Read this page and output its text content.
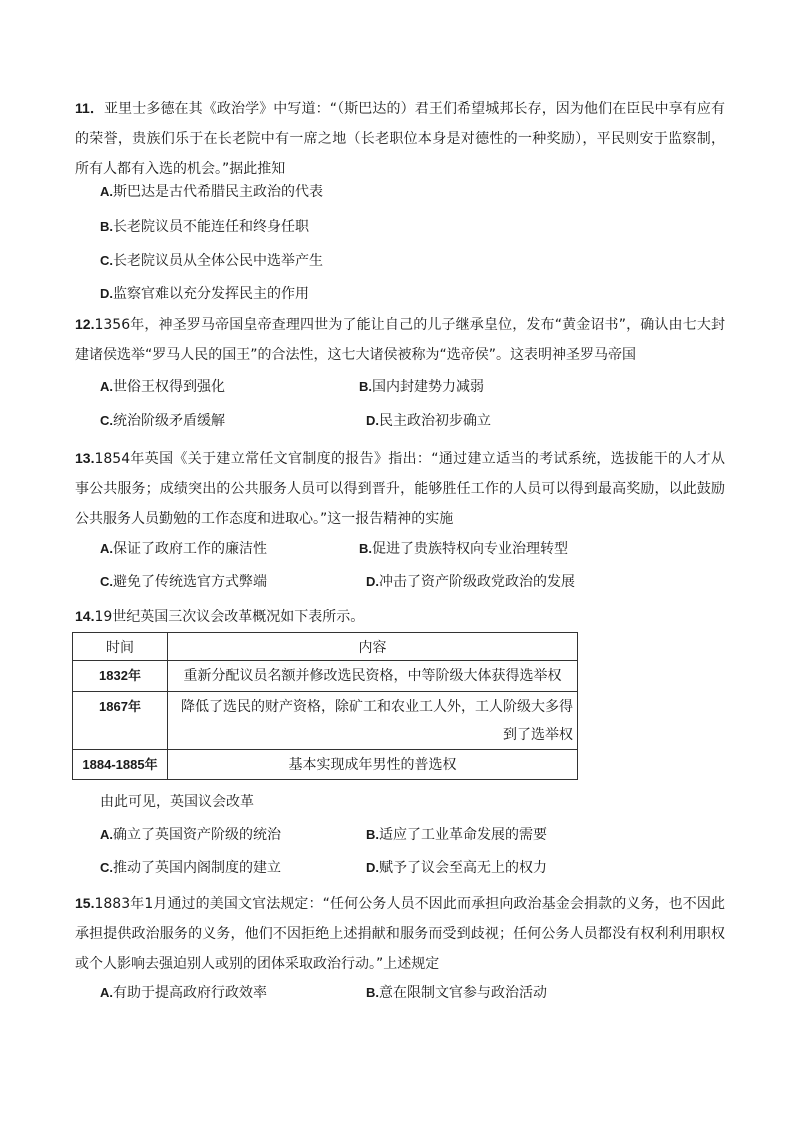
11．亚里士多德在其《政治学》中写道：“（斯巴达的）君王们希望城邦长存，因为他们在臣民中享有应有的荣誉，贵族们乐于在长老院中有一席之地（长老职位本身是对德性的一种奖励），平民则安于监察制，所有人都有入选的机会。”据此推知

A.斯巴达是古代希腊民主政治的代表
B.长老院议员不能连任和终身任职
C.长老院议员从全体公民中选举产生
D.监察官难以充分发挥民主的作用

12.1356年，神圣罗马帝国皇帝查理四世为了能让自己的儿子继承皇位，发布“黄金诏书”，确认由七大封建诸侯选举“罗马人民的国王”的合法性，这七大诸侯被称为“选帝侯”。这表明神圣罗马帝国

A.世俗王权得到强化	B.国内封建势力减弱
C.统治阶级矛盾缓解	D.民主政治初步确立

13.1854年英国《关于建立常任文官制度的报告》指出：“通过建立适当的考试系统，选拔能干的人才从事公共服务；成绩突出的公共服务人员可以得到晋升，能够胜任工作的人员可以得到最高奖励，以此鼓励公共服务人员勤勉的工作态度和进取心。”这一报告精神的实施

A.保证了政府工作的廉洁性	B.促进了贵族特权向专业治理转型
C.避免了传统选官方式弊端	D.冲击了资产阶级政党政治的发展

14.19世纪英国三次议会改革概况如下表所示。

时间	内容
1832年	重新分配议员名额并修改选民资格，中等阶级大体获得选举权
1867年	降低了选民的财产资格，除矿工和农业工人外，工人阶级大多得到了选举权
1884-1885年	基本实现成年男性的普选权
由此可见，英国议会改革
A.确立了英国资产阶级的统治	B.适应了工业革命发展的需要
C.推动了英国内阁制度的建立	D.赋予了议会至高无上的权力

15.1883年1月通过的美国文官法规定：“任何公务人员不因此而承担向政治基金会捐款的义务，也不因此承担提供政治服务的义务，他们不因拒绝上述捐献和服务而受到歧视；任何公务人员都没有权利利用职权或个人影响去强迫别人或别的团体采取政治行动。”上述规定

A.有助于提高政府行政效率	B.意在限制文官参与政治活动
